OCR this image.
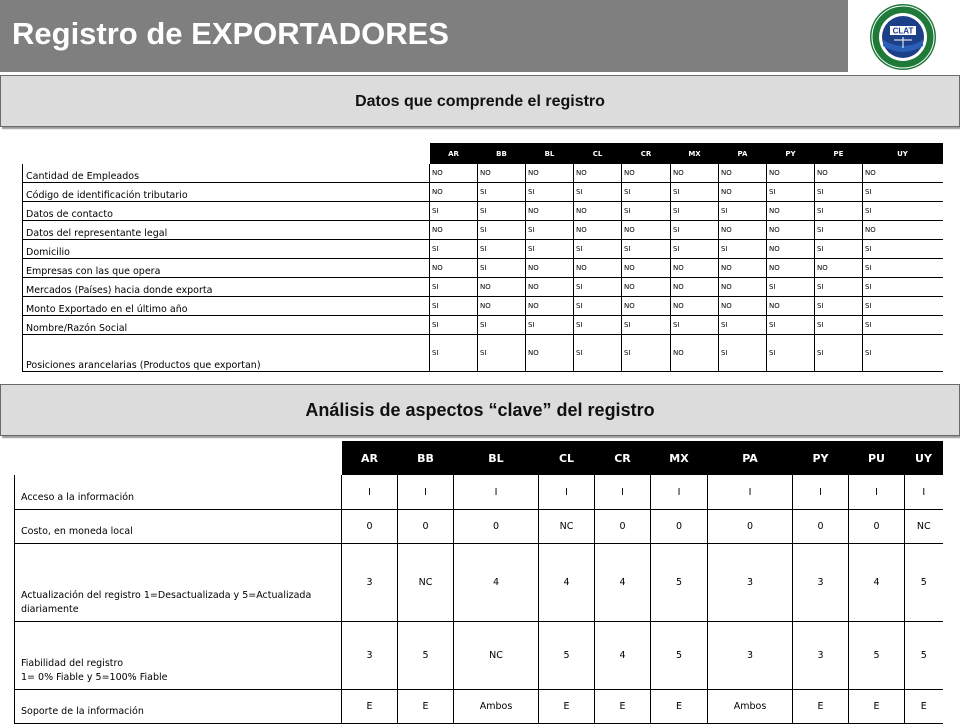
Registro de EXPORTADORES	CLAT
Datos que comprende el registro
	AR	BB	BL	CL	CR	MX	PA	PY	PE	UY
Cantidad de Empleados	NO	NO	NO	NO	NO	NO	NO	NO	NO	NO
Código de identificación tributario	NO	SI	SI	SI	SI	SI	NO	SI	SI	SI
Datos de contacto	SI	SI	NO	NO	SI	SI	SI	NO	SI	SI
Datos del representante legal	NO	SI	SI	NO	NO	SI	NO	NO	SI	NO
Domicilio	SI	SI	SI	SI	SI	SI	SI	NO	SI	SI
Empresas con las que opera	NO	SI	NO	NO	NO	NO	NO	NO	NO	SI
Mercados (Países) hacia donde exporta	SI	NO	NO	SI	NO	NO	NO	SI	SI	SI
Monto Exportado en el último año	SI	NO	NO	SI	NO	NO	NO	NO	SI	SI
Nombre/Razón Social	SI	SI	SI	SI	SI	SI	SI	SI	SI	SI
Posiciones arancelarias (Productos que exportan)	SI	SI	NO	SI	SI	NO	SI	SI	SI	SI
Análisis de aspectos “clave” del registro
	AR	BB	BL	CL	CR	MX	PA	PY	PU	UY
Acceso a la información	I	I	I	I	I	I	I	I	I	I
Costo, en moneda local	0	0	0	NC	0	0	0	0	0	NC
Actualización del registro 1=Desactualizada y 5=Actualizada diariamente	3	NC	4	4	4	5	3	3	4	5
Fiabilidad del registro
1= 0% Fiable y 5=100% Fiable	3	5	NC	5	4	5	3	3	5	5
Soporte de la información	E	E	Ambos	E	E	E	Ambos	E	E	E
